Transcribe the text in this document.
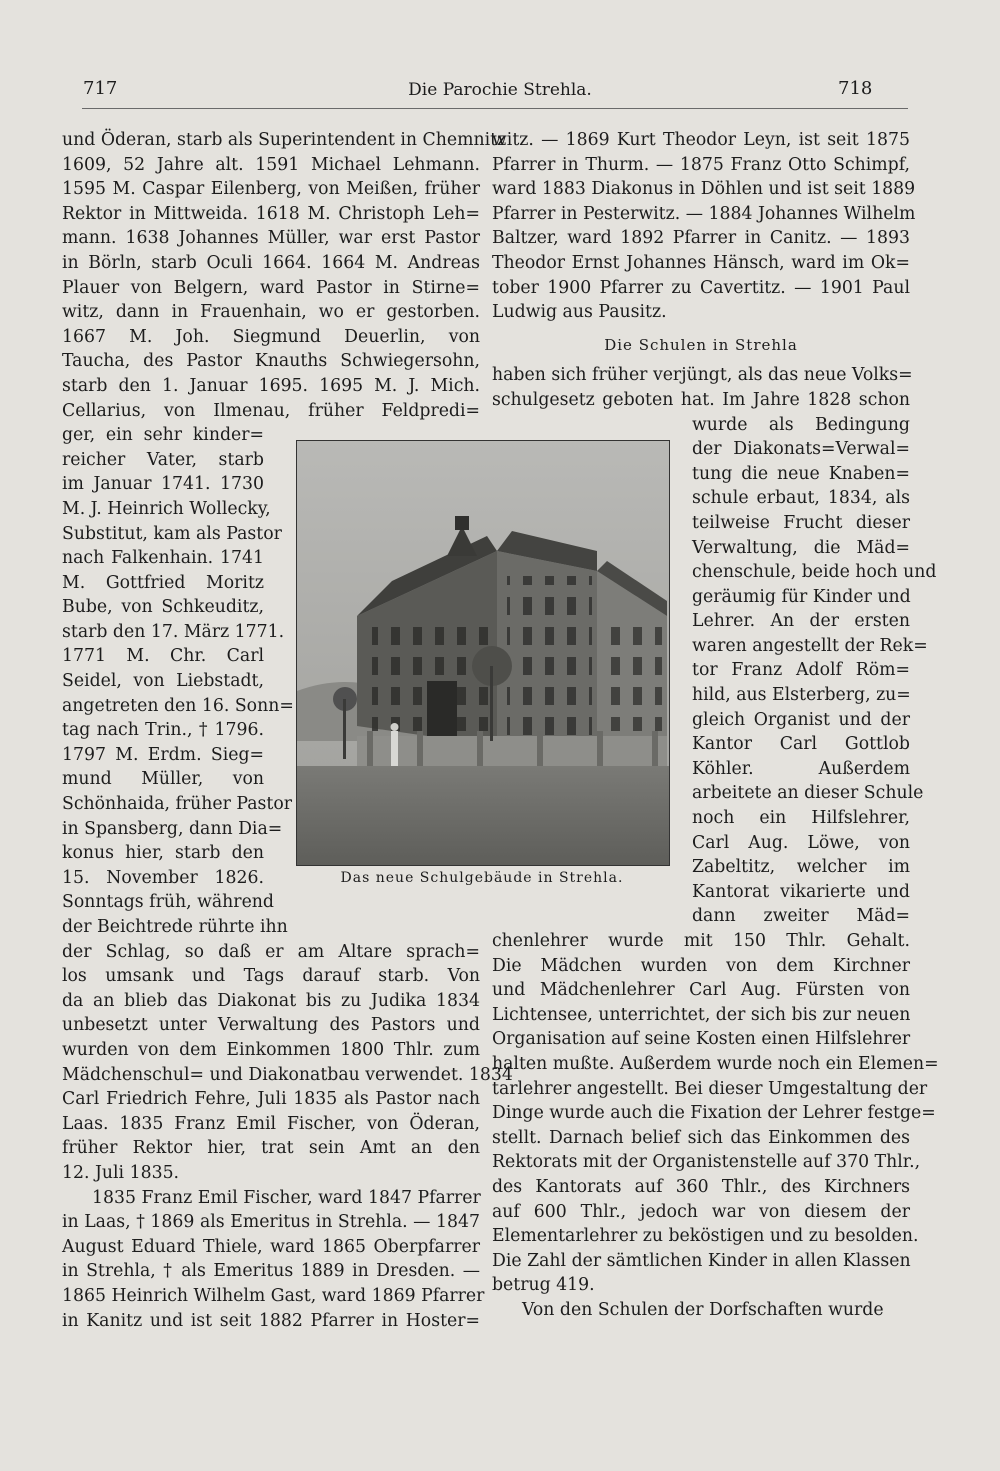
717	Die Parochie Strehla.	718

und Öderan, starb als Superintendent in Chemnitz

1609, 52 Jahre alt. 1591 Michael Lehmann.

1595 M. Caspar Eilenberg, von Meißen, früher

Rektor in Mittweida. 1618 M. Christoph Leh=

mann. 1638 Johannes Müller, war erst Pastor

in Börln, starb Oculi 1664. 1664 M. Andreas

Plauer von Belgern, ward Pastor in Stirne=

witz, dann in Frauenhain, wo er gestorben.

1667 M. Joh. Siegmund Deuerlin, von

Taucha, des Pastor Knauths Schwiegersohn,

starb den 1. Januar 1695. 1695 M. J. Mich.

Cellarius, von Ilmenau, früher Feldpredi=

ger, ein sehr kinder=

reicher Vater, starb

im Januar 1741. 1730

M. J. Heinrich Wollecky,

Substitut, kam als Pastor

nach Falkenhain. 1741

M. Gottfried Moritz

Bube, von Schkeuditz,

starb den 17. März 1771.

1771 M. Chr. Carl

Seidel, von Liebstadt,

angetreten den 16. Sonn=

tag nach Trin., † 1796.

1797 M. Erdm. Sieg=

mund Müller, von

Schönhaida, früher Pastor

in Spansberg, dann Dia=

konus hier, starb den

15. November 1826.

Sonntags früh, während

der Beichtrede rührte ihn

der Schlag, so daß er am Altare sprach=

los umsank und Tags darauf starb. Von

da an blieb das Diakonat bis zu Judika 1834

unbesetzt unter Verwaltung des Pastors und

wurden von dem Einkommen 1800 Thlr. zum

Mädchenschul= und Diakonatbau verwendet. 1834

Carl Friedrich Fehre, Juli 1835 als Pastor nach

Laas. 1835 Franz Emil Fischer, von Öderan,

früher Rektor hier, trat sein Amt an den

12. Juli 1835.

1835 Franz Emil Fischer, ward 1847 Pfarrer

in Laas, † 1869 als Emeritus in Strehla. — 1847

August Eduard Thiele, ward 1865 Oberpfarrer

in Strehla, † als Emeritus 1889 in Dresden. —

1865 Heinrich Wilhelm Gast, ward 1869 Pfarrer

in Kanitz und ist seit 1882 Pfarrer in Hoster=

witz. — 1869 Kurt Theodor Leyn, ist seit 1875

Pfarrer in Thurm. — 1875 Franz Otto Schimpf,

ward 1883 Diakonus in Döhlen und ist seit 1889

Pfarrer in Pesterwitz. — 1884 Johannes Wilhelm

Baltzer, ward 1892 Pfarrer in Canitz. — 1893

Theodor Ernst Johannes Hänsch, ward im Ok=

tober 1900 Pfarrer zu Cavertitz. — 1901 Paul

Ludwig aus Pausitz.

Die Schulen in Strehla

haben sich früher verjüngt, als das neue Volks=

schulgesetz geboten hat. Im Jahre 1828 schon

wurde als Bedingung

der Diakonats=Verwal=

tung die neue Knaben=

schule erbaut, 1834, als

teilweise Frucht dieser

Verwaltung, die Mäd=

chenschule, beide hoch und

geräumig für Kinder und

Lehrer. An der ersten

waren angestellt der Rek=

tor Franz Adolf Röm=

hild, aus Elsterberg, zu=

gleich Organist und der

Kantor Carl Gottlob

Köhler. Außerdem

arbeitete an dieser Schule

noch ein Hilfslehrer,

Carl Aug. Löwe, von

Zabeltitz, welcher im

Kantorat vikarierte und

dann zweiter Mäd=

chenlehrer wurde mit 150 Thlr. Gehalt.

Die Mädchen wurden von dem Kirchner

und Mädchenlehrer Carl Aug. Fürsten von

Lichtensee, unterrichtet, der sich bis zur neuen

Organisation auf seine Kosten einen Hilfslehrer

halten mußte. Außerdem wurde noch ein Elemen=

tarlehrer angestellt. Bei dieser Umgestaltung der

Dinge wurde auch die Fixation der Lehrer festge=

stellt. Darnach belief sich das Einkommen des

Rektorats mit der Organistenstelle auf 370 Thlr.,

des Kantorats auf 360 Thlr., des Kirchners

auf 600 Thlr., jedoch war von diesem der

Elementarlehrer zu beköstigen und zu besolden.

Die Zahl der sämtlichen Kinder in allen Klassen

betrug 419.

Von den Schulen der Dorfschaften wurde

Das neue Schulgebäude in Strehla.
